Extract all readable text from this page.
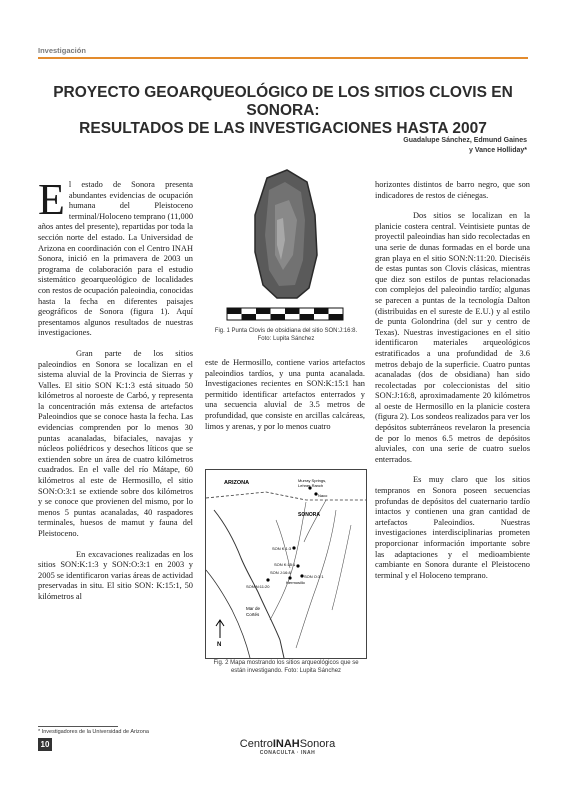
Investigación
PROYECTO GEOARQUEOLÓGICO DE LOS SITIOS CLOVIS EN SONORA:
RESULTADOS DE LAS INVESTIGACIONES HASTA 2007
Guadalupe Sánchez, Edmund Gaines
y Vance Holliday*

El estado de Sonora presenta abundantes evidencias de ocupación humana del Pleistoceno terminal/Holoceno temprano (11,000 años antes del presente), repartidas por toda la sección norte del estado. La Universidad de Arizona en coordinación con el Centro INAH Sonora, inició en la primavera de 2003 un programa de colaboración para el estudio sistemático geoarqueológico de localidades con restos de ocupación paleoindia, conocidas hasta la fecha en diferentes paisajes geográficos de Sonora (figura 1). Aquí presentamos algunos resultados de nuestras investigaciones.

Gran parte de los sitios paleoindios en Sonora se localizan en el sistema aluvial de la Provincia de Sierras y Valles. El sitio SON K:1:3 está situado 50 kilómetros al noroeste de Carbó, y representa la concentración más extensa de artefactos Paleoindios que se conoce hasta la fecha. Las evidencias comprenden por lo menos 30 puntas acanaladas, bifaciales, navajas y núcleos poliédricos y desechos líticos que se extienden sobre un área de cuatro kilómetros cuadrados. En el valle del río Mátape, 60 kilómetros al este de Hermosillo, el sitio SON:O:3:1 se extiende sobre dos kilómetros y se conoce que provienen del mismo, por lo menos 5 puntas acanaladas, 40 raspadores terminales, huesos de mamut y fauna del Pleistoceno.

En excavaciones realizadas en los sitios SON:K:1:3 y SON:O:3:1 en 2003 y 2005 se identificaron varias áreas de actividad preservadas in situ. El sitio SON: K:15:1, 50 kilómetros al

Fig. 1 Punta Clovis de obsidiana del sitio SON:J:16:8.
Foto: Lupita Sánchez

este de Hermosillo, contiene varios artefactos paleoindios tardíos, y una punta acanalada. Investigaciones recientes en SON:K:15:1 han permitido identificar artefactos enterrados y una secuencia aluvial de 3.5 metros de profundidad, que consiste en arcillas calcáreas, limos y arenas, y por lo menos cuatro

ARIZONA	Murray Springs,
Lehner Ranch
Naco
SONORA
SON K:1:3
SON K:15:1
SON J:16:8
Hermosillo
SON O:3:1
SON N:11:20
Mar de
Cortés
N
Fig. 2 Mapa mostrando los sitios arqueológicos que se
están investigando. Foto: Lupita Sánchez

horizontes distintos de barro negro, que son indicadores de restos de ciénegas.

Dos sitios se localizan en la planicie costera central. Veintisiete puntas de proyectil paleoindias han sido recolectadas en una serie de dunas formadas en el borde una gran playa en el sitio SON:N:11:20. Dieciséis de estas puntas son Clovis clásicas, mientras que diez son estilos de puntas relacionadas con complejos del paleoindio tardío; algunas se parecen a puntas de la tecnología Dalton (distribuidas en el sureste de E.U.) y al estilo de punta Golondrina (del sur y centro de Texas). Nuestras investigaciones en el sitio identificaron materiales arqueológicos estratificados a una profundidad de 3.6 metros debajo de la superficie. Cuatro puntas acanaladas (dos de obsidiana) han sido recolectadas por coleccionistas del sitio SON:J:16:8, aproximadamente 20 kilómetros al oeste de Hermosillo en la planicie costera (figura 2). Los sondeos realizados para ver los depósitos subterráneos revelaron la presencia de por lo menos 6.5 metros de depósitos aluviales, con una serie de cuatro suelos enterrados.

Es muy claro que los sitios tempranos en Sonora poseen secuencias profundas de depósitos del cuaternario tardío intactos y contienen una gran cantidad de artefactos Paleoindios. Nuestras investigaciones interdisciplinarias prometen proporcionar información importante sobre las adaptaciones y el medioambiente cambiante en Sonora durante el Pleistoceno terminal y el Holoceno temprano.

* Investigadores de la Universidad de Arizona
10	CentroINAHSonora
CONACULTA · INAH
